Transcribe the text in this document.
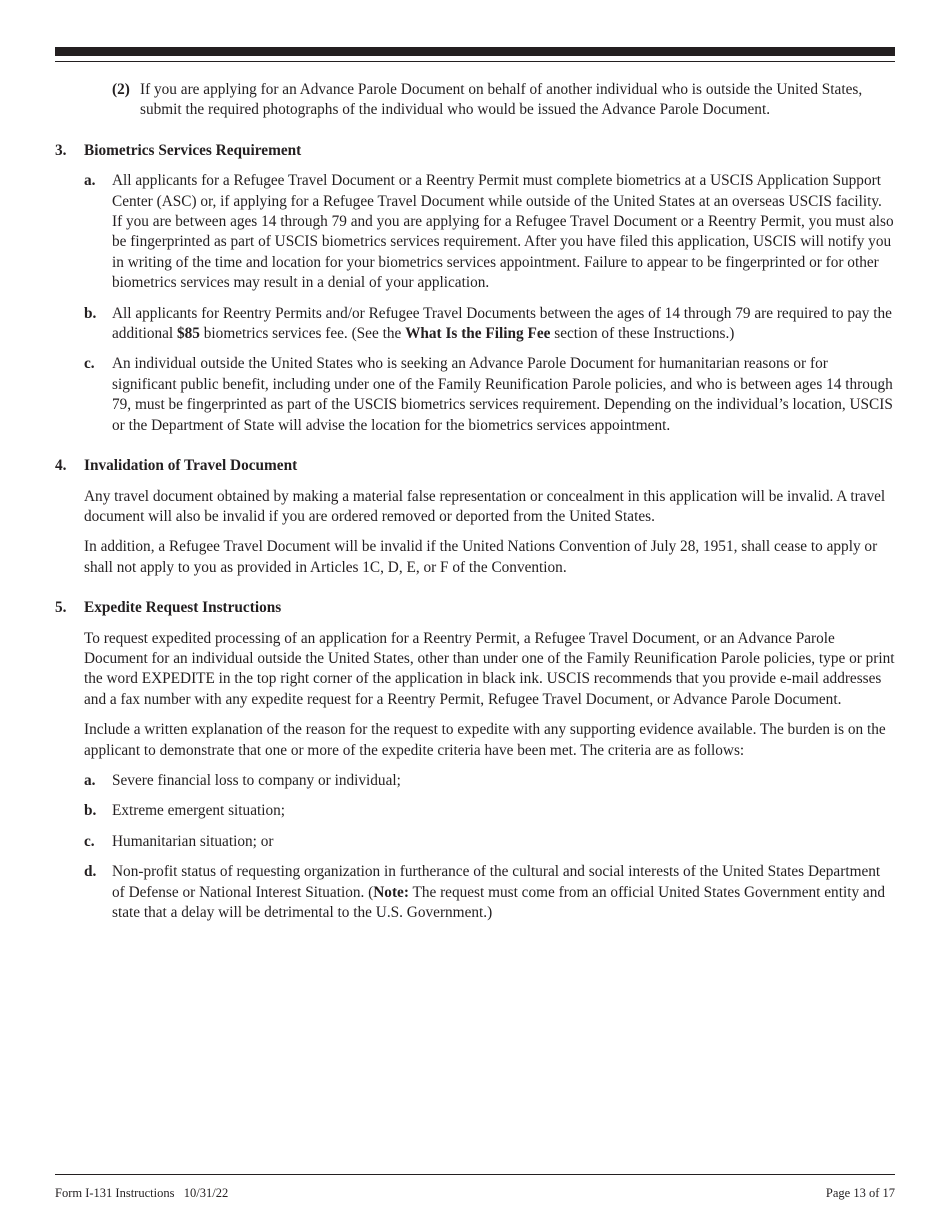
(2) If you are applying for an Advance Parole Document on behalf of another individual who is outside the United States, submit the required photographs of the individual who would be issued the Advance Parole Document.
3.	Biometrics Services Requirement
a.	All applicants for a Refugee Travel Document or a Reentry Permit must complete biometrics at a USCIS Application Support Center (ASC) or, if applying for a Refugee Travel Document while outside of the United States at an overseas USCIS facility. If you are between ages 14 through 79 and you are applying for a Refugee Travel Document or a Reentry Permit, you must also be fingerprinted as part of USCIS biometrics services requirement. After you have filed this application, USCIS will notify you in writing of the time and location for your biometrics services appointment. Failure to appear to be fingerprinted or for other biometrics services may result in a denial of your application.
b.	All applicants for Reentry Permits and/or Refugee Travel Documents between the ages of 14 through 79 are required to pay the additional $85 biometrics services fee. (See the What Is the Filing Fee section of these Instructions.)
c.	An individual outside the United States who is seeking an Advance Parole Document for humanitarian reasons or for significant public benefit, including under one of the Family Reunification Parole policies, and who is between ages 14 through 79, must be fingerprinted as part of the USCIS biometrics services requirement. Depending on the individual’s location, USCIS or the Department of State will advise the location for the biometrics services appointment.
4.	Invalidation of Travel Document
Any travel document obtained by making a material false representation or concealment in this application will be invalid. A travel document will also be invalid if you are ordered removed or deported from the United States.
In addition, a Refugee Travel Document will be invalid if the United Nations Convention of July 28, 1951, shall cease to apply or shall not apply to you as provided in Articles 1C, D, E, or F of the Convention.
5.	Expedite Request Instructions
To request expedited processing of an application for a Reentry Permit, a Refugee Travel Document, or an Advance Parole Document for an individual outside the United States, other than under one of the Family Reunification Parole policies, type or print the word EXPEDITE in the top right corner of the application in black ink. USCIS recommends that you provide e-mail addresses and a fax number with any expedite request for a Reentry Permit, Refugee Travel Document, or Advance Parole Document.
Include a written explanation of the reason for the request to expedite with any supporting evidence available. The burden is on the applicant to demonstrate that one or more of the expedite criteria have been met. The criteria are as follows:
a.	Severe financial loss to company or individual;
b.	Extreme emergent situation;
c.	Humanitarian situation; or
d.	Non-profit status of requesting organization in furtherance of the cultural and social interests of the United States Department of Defense or National Interest Situation. (Note: The request must come from an official United States Government entity and state that a delay will be detrimental to the U.S. Government.)
Form I-131 Instructions   10/31/22	Page 13 of 17
